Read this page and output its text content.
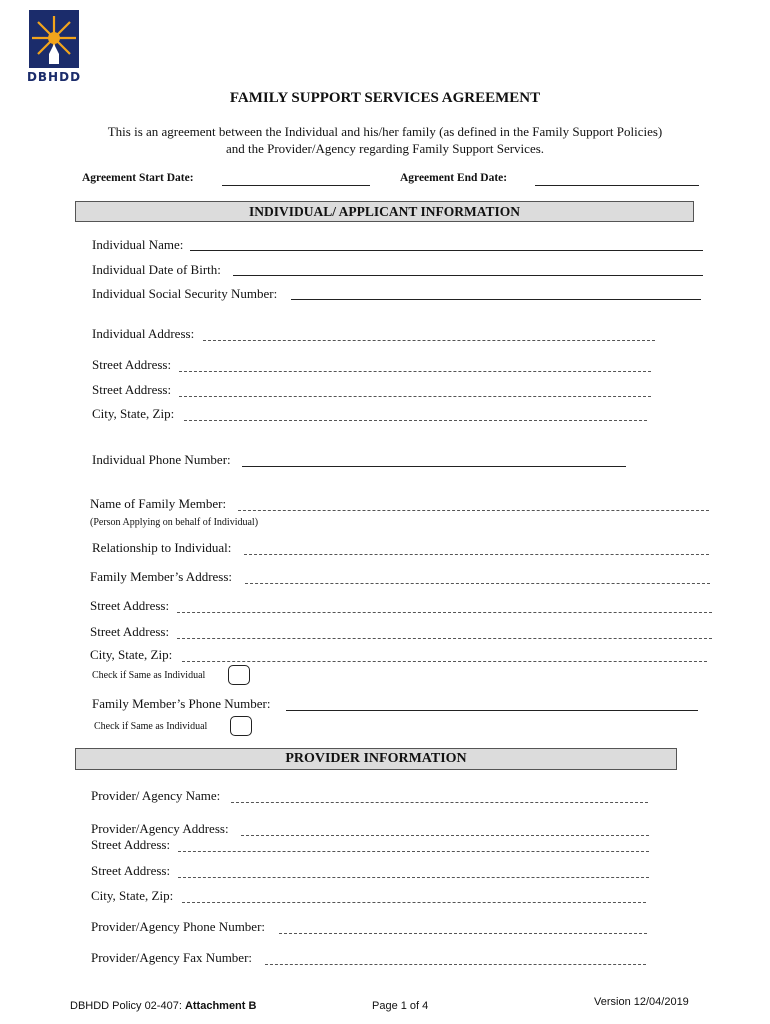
DBHDD
FAMILY SUPPORT SERVICES AGREEMENT
This is an agreement between the Individual and his/her family (as defined in the Family Support Policies) and the Provider/Agency regarding Family Support Services.
Agreement Start Date:	Agreement End Date:
INDIVIDUAL/ APPLICANT INFORMATION
Individual Name:
Individual Date of Birth:
Individual Social Security Number:
Individual Address:
Street Address:
Street Address:
City, State, Zip:
Individual Phone Number:
Name of Family Member:
(Person Applying on behalf of Individual)
Relationship to Individual:
Family Member’s Address:
Street Address:
Street Address:
City, State, Zip:
Check if Same as Individual
Family Member’s Phone Number:
Check if Same as Individual
PROVIDER INFORMATION
Provider/ Agency Name:
Provider/Agency Address:
Street Address:
Street Address:
City, State, Zip:
Provider/Agency Phone Number:
Provider/Agency Fax Number:
DBHDD Policy 02-407: Attachment B	Page 1 of 4	Version 12/04/2019
